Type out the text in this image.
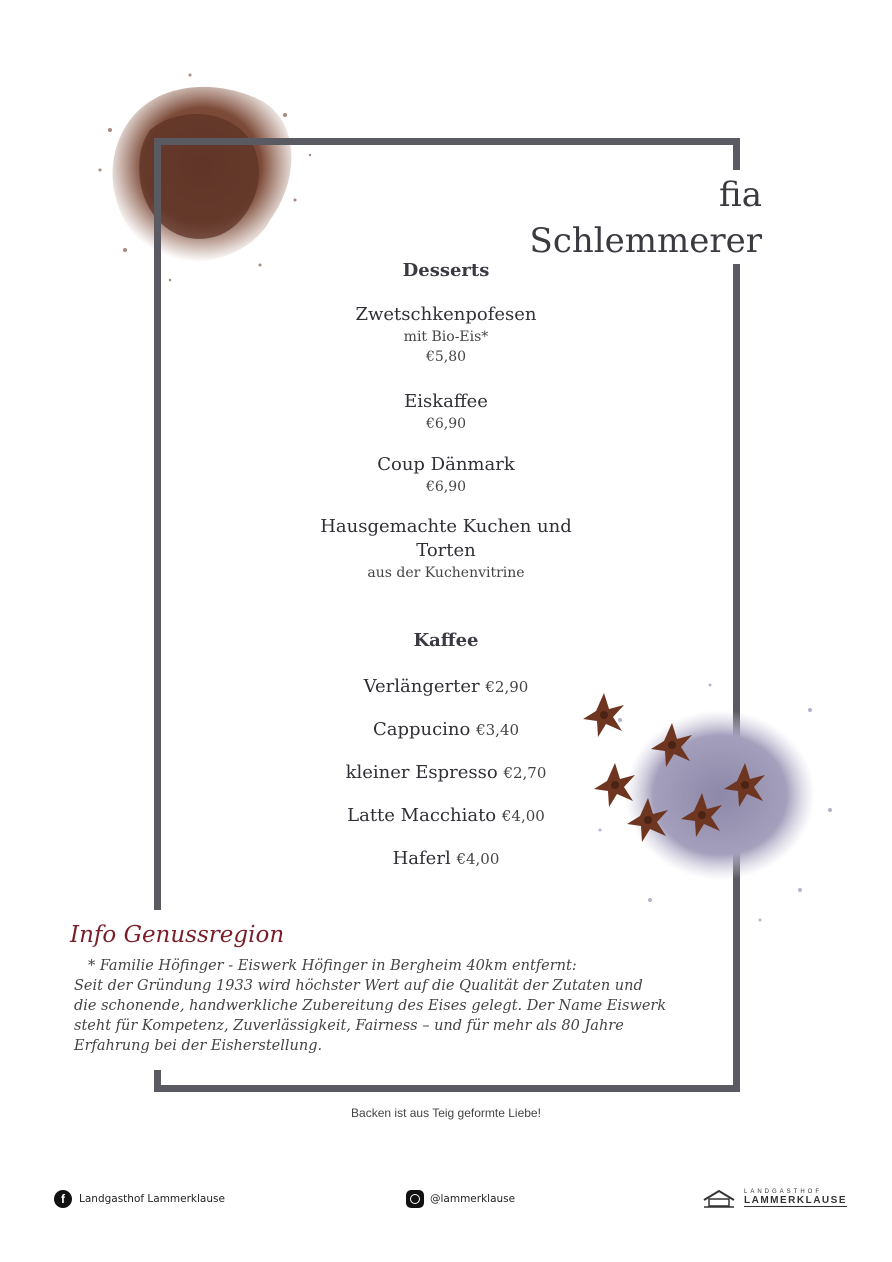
fia
Schlemmerer
Desserts
Zwetschkenpofesen
mit Bio-Eis*
€5,80
Eiskaffee
€6,90
Coup Dänmark
€6,90
Hausgemachte Kuchen und
Torten
aus der Kuchenvitrine
Kaffee
Verlängerter €2,90
Cappucino €3,40
kleiner Espresso €2,70
Latte Macchiato €4,00
Haferl €4,00
Info Genussregion
* Familie Höfinger - Eiswerk Höfinger in Bergheim 40km entfernt:
Seit der Gründung 1933 wird höchster Wert auf die Qualität der Zutaten und
die schonende, handwerkliche Zubereitung des Eises gelegt. Der Name Eiswerk
steht für Kompetenz, Zuverlässigkeit, Fairness – und für mehr als 80 Jahre
Erfahrung bei der Eisherstellung.
Backen ist aus Teig geformte Liebe!
f	Landgasthof Lammerklause	@lammerklause
LANDGASTHOF
LAMMERKLAUSE
